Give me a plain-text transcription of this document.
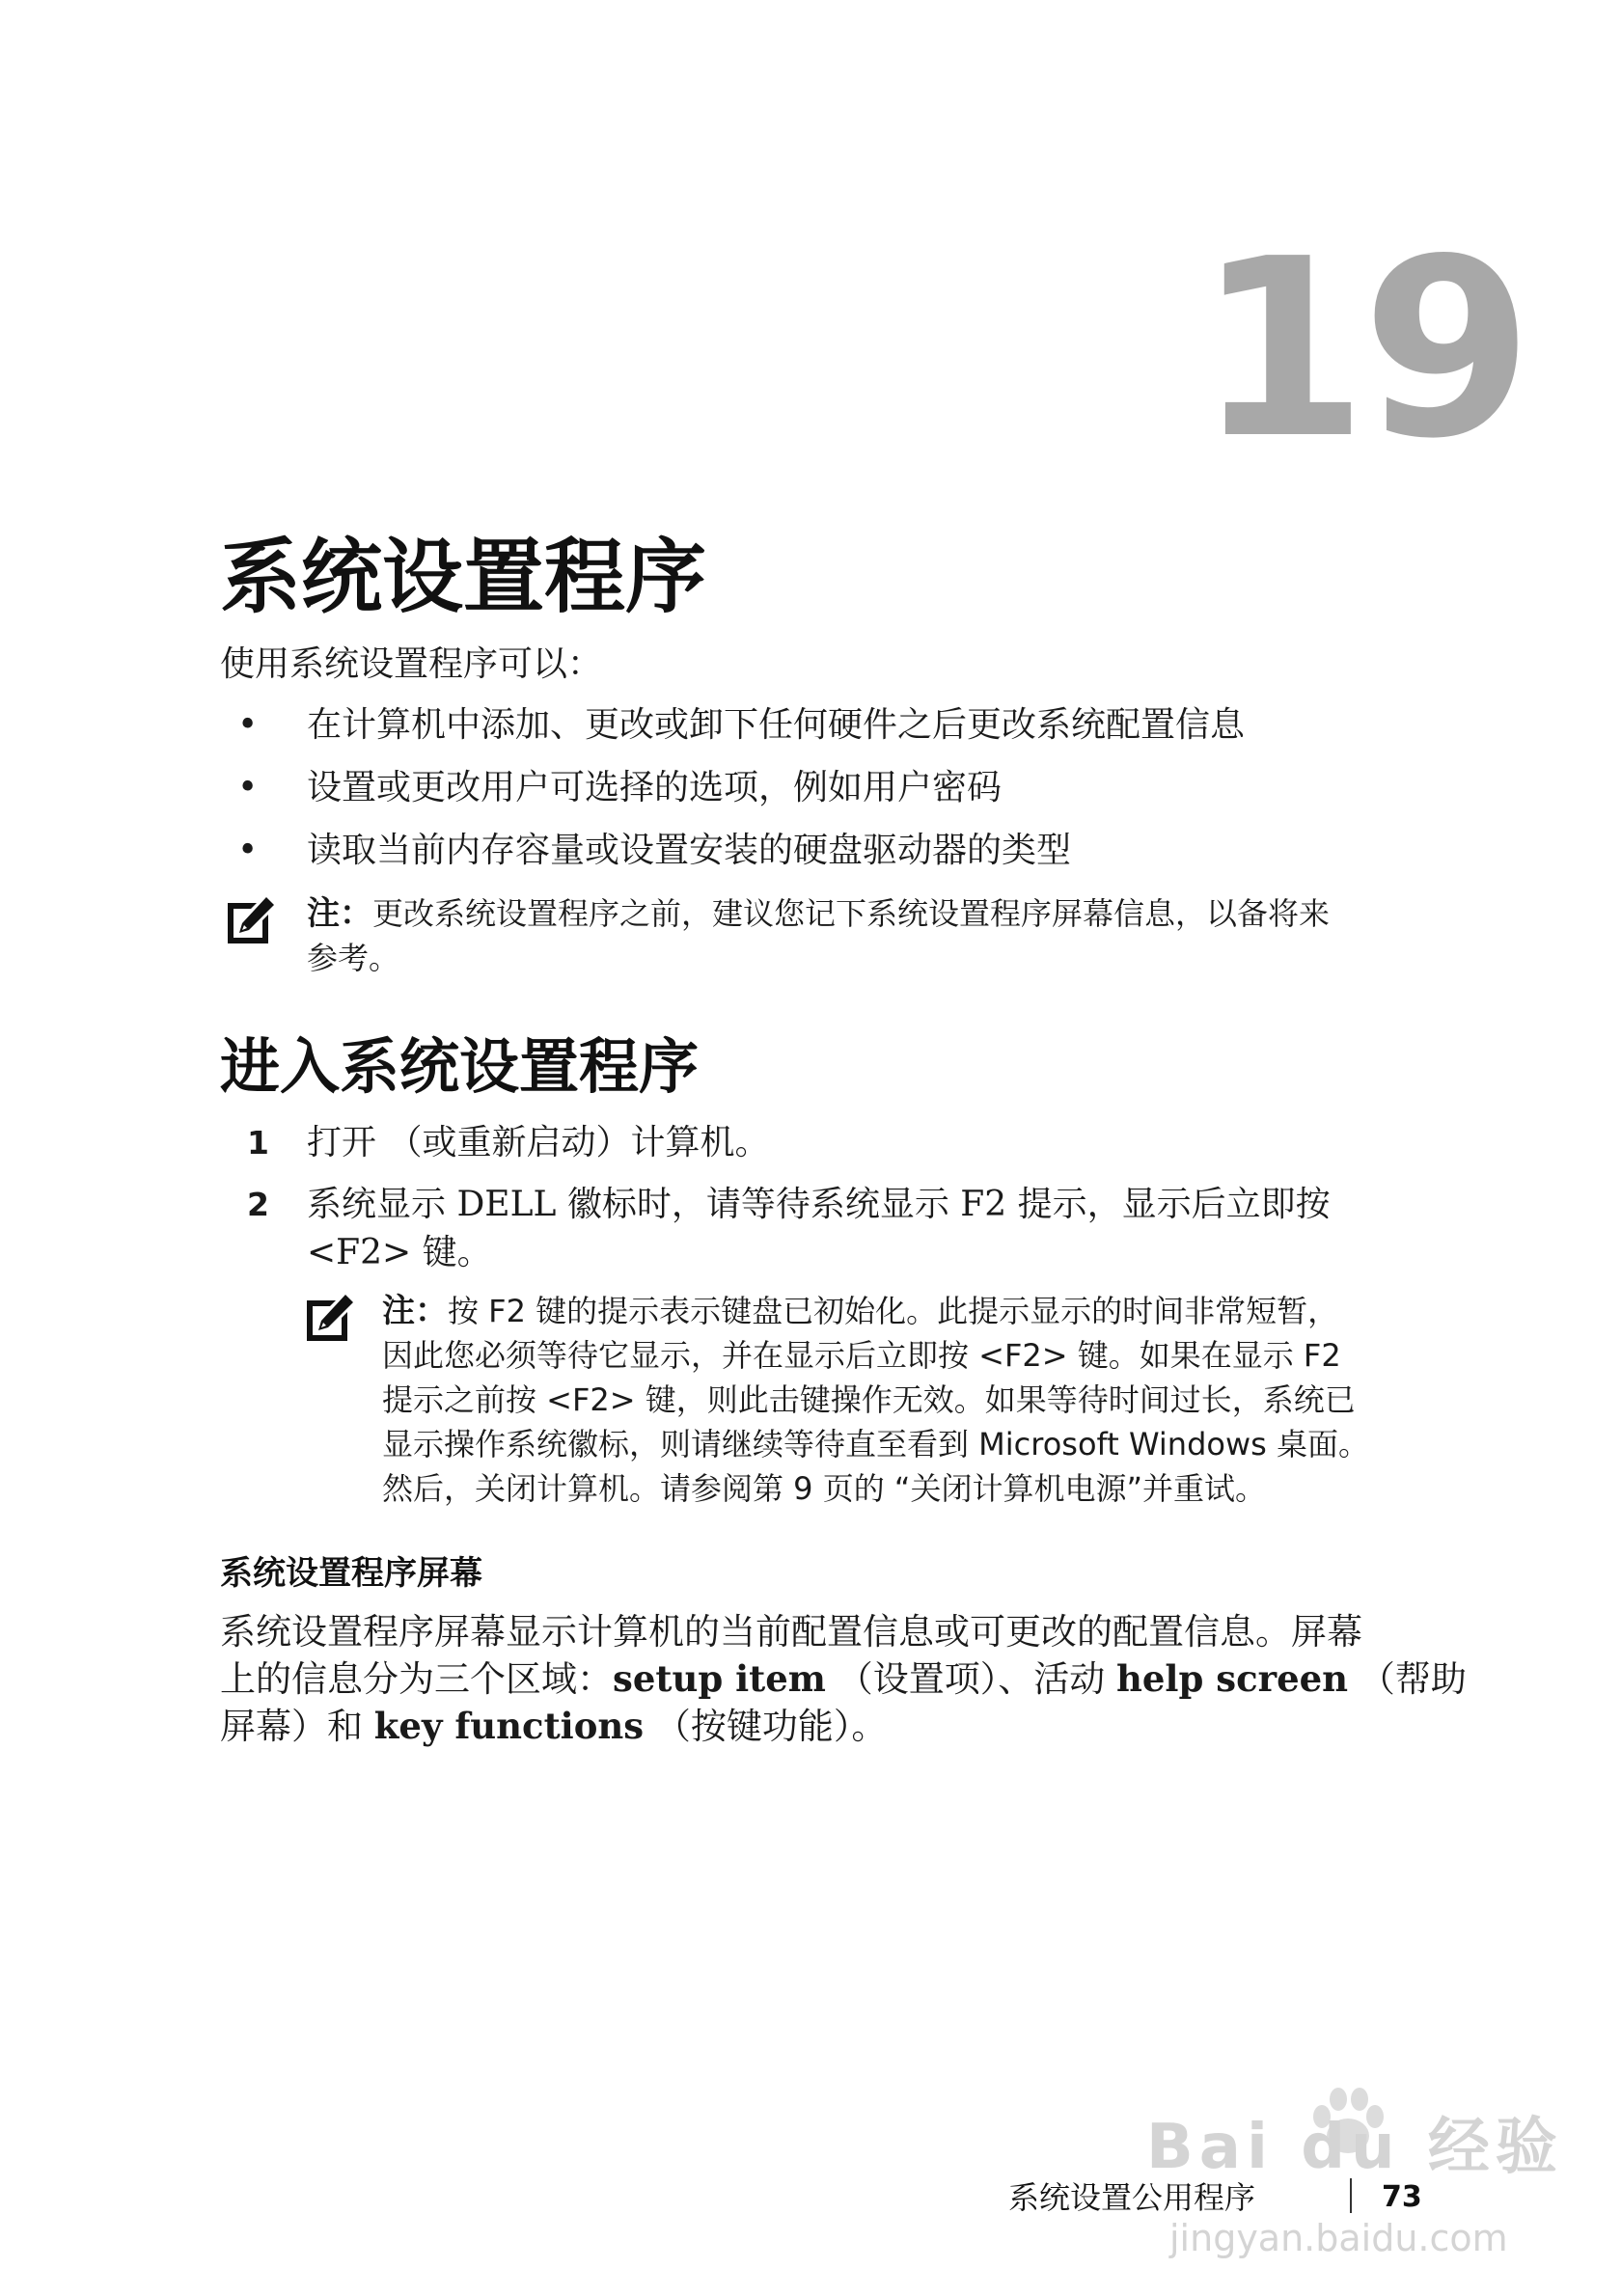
19
系统设置程序
使用系统设置程序可以：
• 在计算机中添加、更改或卸下任何硬件之后更改系统配置信息
• 设置或更改用户可选择的选项，例如用户密码
• 读取当前内存容量或设置安装的硬盘驱动器的类型
注：更改系统设置程序之前，建议您记下系统设置程序屏幕信息，以备将来
参考。
进入系统设置程序
1 打开 （或重新启动）计算机。
2 系统显示 DELL 徽标时，请等待系统显示 F2 提示，显示后立即按
<F2> 键。
注：按 F2 键的提示表示键盘已初始化。此提示显示的时间非常短暂，
因此您必须等待它显示，并在显示后立即按 <F2> 键。如果在显示 F2
提示之前按 <F2> 键，则此击键操作无效。如果等待时间过长，系统已
显示操作系统徽标，则请继续等待直至看到 Microsoft Windows 桌面。
然后，关闭计算机。请参阅第 9 页的 “关闭计算机电源”并重试。
系统设置程序屏幕
系统设置程序屏幕显示计算机的当前配置信息或可更改的配置信息。屏幕
上的信息分为三个区域：setup item （设置项）、活动 help screen （帮助
屏幕）和 key functions （按键功能）。
系统设置公用程序	73
Bai du 经验
jingyan.baidu.com
